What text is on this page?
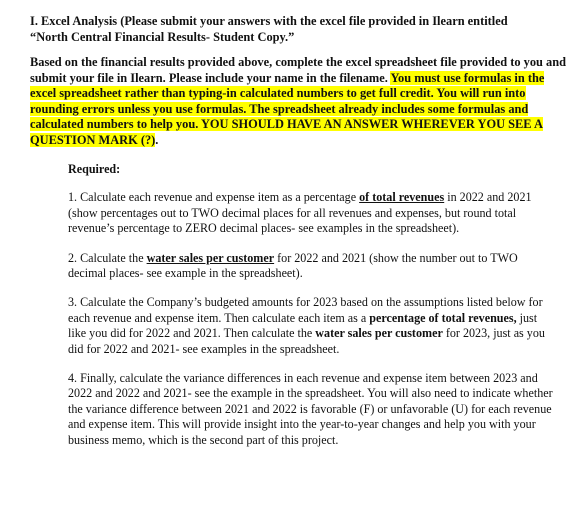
I. Excel Analysis (Please submit your answers with the excel file provided in Ilearn entitled
“North Central Financial Results- Student Copy.”

Based on the financial results provided above, complete the excel spreadsheet file provided to you and submit your file in Ilearn. Please include your name in the filename. You must use formulas in the excel spreadsheet rather than typing-in calculated numbers to get full credit. You will run into rounding errors unless you use formulas. The spreadsheet already includes some formulas and calculated numbers to help you. YOU SHOULD HAVE AN ANSWER WHEREVER YOU SEE A QUESTION MARK (?).

Required:

1. Calculate each revenue and expense item as a percentage of total revenues in 2022 and 2021 (show percentages out to TWO decimal places for all revenues and expenses, but round total revenue’s percentage to ZERO decimal places- see examples in the spreadsheet).

2. Calculate the water sales per customer for 2022 and 2021 (show the number out to TWO decimal places- see example in the spreadsheet).

3. Calculate the Company’s budgeted amounts for 2023 based on the assumptions listed below for each revenue and expense item. Then calculate each item as a percentage of total revenues, just like you did for 2022 and 2021. Then calculate the water sales per customer for 2023, just as you did for 2022 and 2021- see examples in the spreadsheet.

4. Finally, calculate the variance differences in each revenue and expense item between 2023 and 2022 and 2022 and 2021- see the example in the spreadsheet. You will also need to indicate whether the variance difference between 2021 and 2022 is favorable (F) or unfavorable (U) for each revenue and expense item. This will provide insight into the year-to-year changes and help you with your business memo, which is the second part of this project.
